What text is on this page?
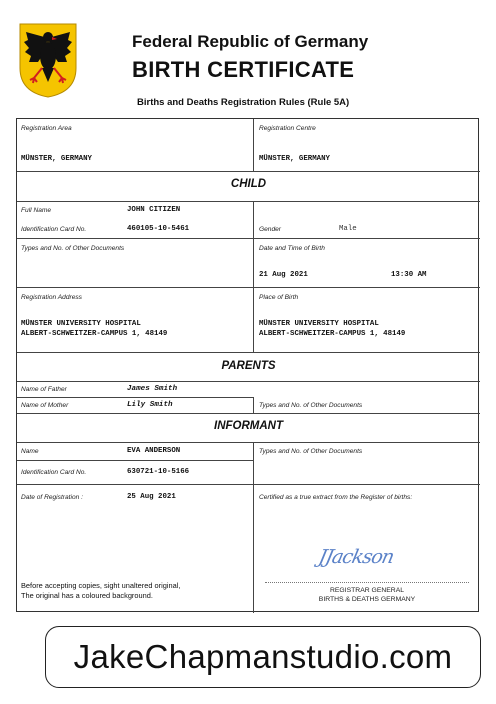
Federal Republic of Germany
BIRTH CERTIFICATE
Births and Deaths Registration Rules (Rule 5A)
Registration Area
MÜNSTER, GERMANY
Registration Centre
MÜNSTER, GERMANY
CHILD
Full Name	JOHN CITIZEN
Identification Card No.	460105-10-5461	Gender	Male
Types and No. of Other Documents	Date and Time of Birth
21 Aug 2021	13:30 AM
Registration Address
MÜNSTER UNIVERSITY HOSPITAL
ALBERT-SCHWEITZER-CAMPUS 1, 48149
Place of Birth
MÜNSTER UNIVERSITY HOSPITAL
ALBERT-SCHWEITZER-CAMPUS 1, 48149
PARENTS
Name of Father	James Smith
Name of Mother	Lily Smith	Types and No. of Other Documents
INFORMANT
Name	EVA ANDERSON	Types and No. of Other Documents
Identification Card No.	630721-10-5166
Date of Registration :	25 Aug 2021	Certified as a true extract from the Register of births:
JJackson
REGISTRAR GENERAL
BIRTHS & DEATHS GERMANY
Before accepting copies, sight unaltered original,
The original has a coloured background.
JakeChapmanstudio.com
